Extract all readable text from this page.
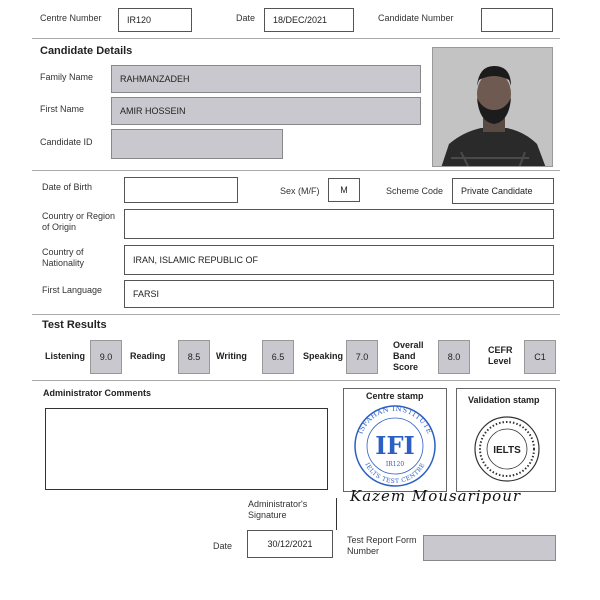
Centre Number	IR120	Date	18/DEC/2021	Candidate Number
Candidate Details
Family Name	RAHMANZADEH
First Name	AMIR HOSSEIN
Candidate ID
Date of Birth	Sex (M/F)	M	Scheme Code	Private Candidate
Country or Region of Origin
Country of Nationality	IRAN, ISLAMIC REPUBLIC OF
First Language	FARSI
Test Results
Listening	9.0	Reading	8.5	Writing	6.5	Speaking	7.0
Overall
Band
Score
8.0
CEFR
Level	C1
Administrator Comments	Centre stamp
ISFAHAN INSTITUTE
IELTS TEST CENTRE
IFI
IR120
Validation stamp
IELTS
Administrator's
Signature
Kazem Mousaripour
Date	30/12/2021	Test Report Form
Number
